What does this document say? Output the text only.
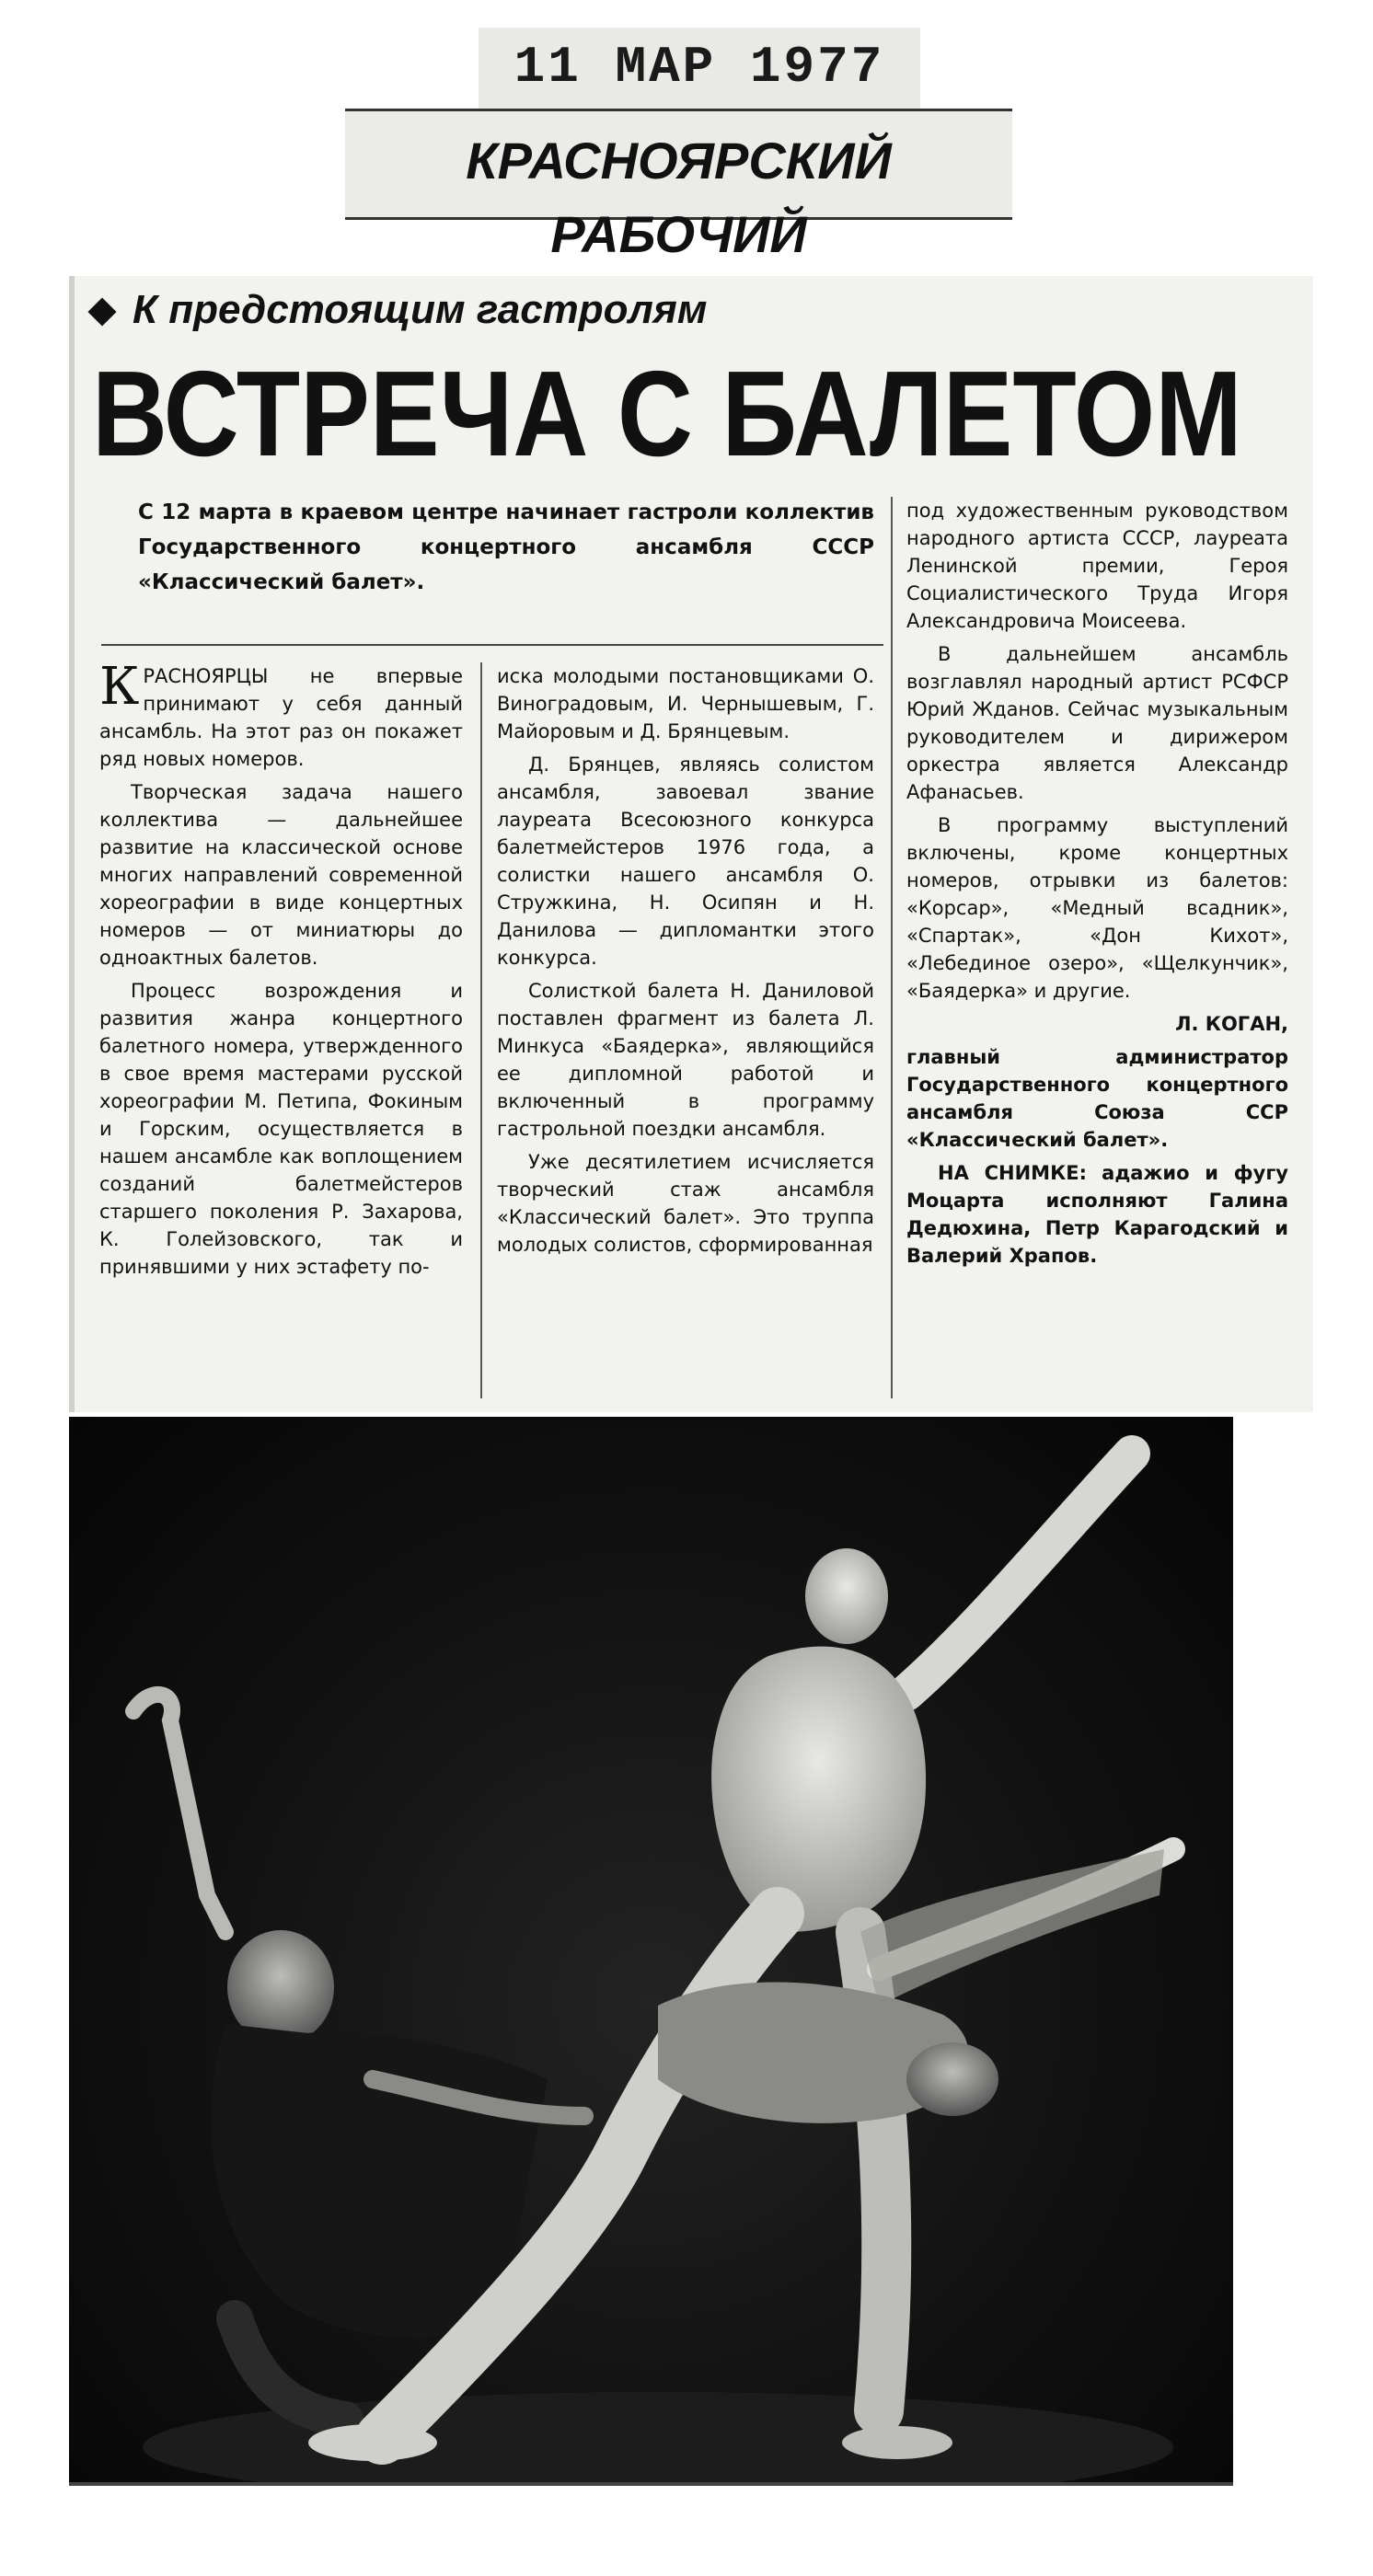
11 МАР 1977
КРАСНОЯРСКИЙ РАБОЧИЙ
К предстоящим гастролям
ВСТРЕЧА С БАЛЕТОМ
С 12 марта в краевом центре начинает гастроли коллектив Государственного концертного ансамбля СССР «Классический балет».

КРАСНОЯРЦЫ не впервые принимают у себя данный ансамбль. На этот раз он покажет ряд новых номеров.

Творческая задача нашего коллектива — дальнейшее развитие на классической основе многих направлений современной хореографии в виде концертных номеров — от миниатюры до одноактных балетов.

Процесс возрождения и развития жанра концертного балетного номера, утвержденного в свое время мастерами русской хореографии М. Петипа, Фокиным и Горским, осуществляется в нашем ансамбле как воплощением созданий балетмейстеров старшего поколения Р. Захарова, К. Голейзовского, так и принявшими у них эстафету по-

иска молодыми постановщиками О. Виноградовым, И. Чернышевым, Г. Майоровым и Д. Брянцевым.

Д. Брянцев, являясь солистом ансамбля, завоевал звание лауреата Всесоюзного конкурса балетмейстеров 1976 года, а солистки нашего ансамбля О. Стружкина, Н. Осипян и Н. Данилова — дипломантки этого конкурса.

Солисткой балета Н. Даниловой поставлен фрагмент из балета Л. Минкуса «Баядерка», являющийся ее дипломной работой и включенный в программу гастрольной поездки ансамбля.

Уже десятилетием исчисляется творческий стаж ансамбля «Классический балет». Это труппа молодых солистов, сформированная

под художественным руководством народного артиста СССР, лауреата Ленинской премии, Героя Социалистического Труда Игоря Александровича Моисеева.

В дальнейшем ансамбль возглавлял народный артист РСФСР Юрий Жданов. Сейчас музыкальным руководителем и дирижером оркестра является Александр Афанасьев.

В программу выступлений включены, кроме концертных номеров, отрывки из балетов: «Корсар», «Медный всадник», «Спартак», «Дон Кихот», «Лебединое озеро», «Щелкунчик», «Баядерка» и другие.

Л. КОГАН,

главный администратор Государственного концертного ансамбля Союза ССР «Классический балет».

НА СНИМКЕ: адажио и фугу Моцарта исполняют Галина Дедюхина, Петр Карагодский и Валерий Храпов.
